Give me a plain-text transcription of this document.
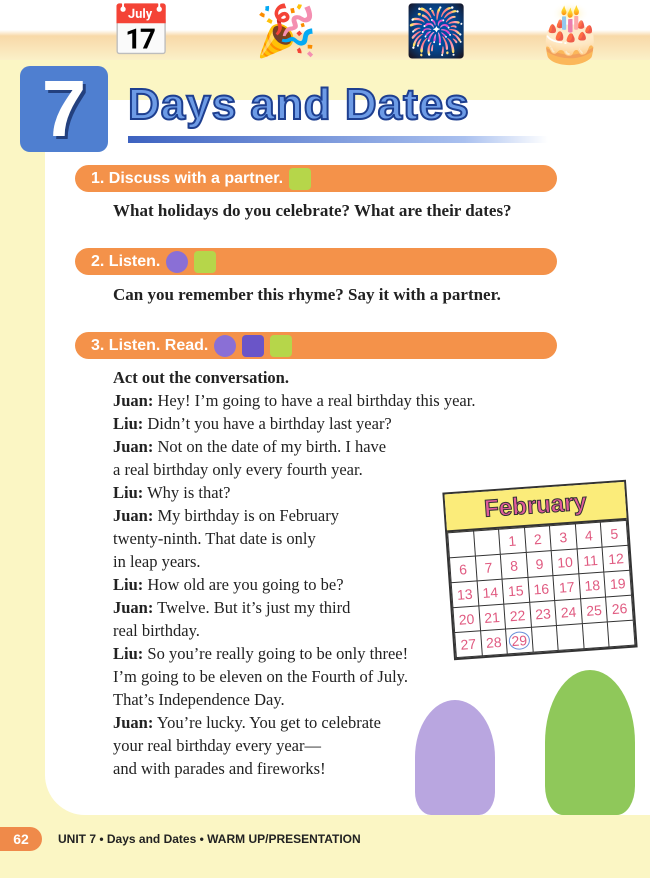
📅 🎉 🎆 🎂
7 Days and Dates
1. Discuss with a partner.
What holidays do you celebrate? What are their dates?
2. Listen.
Can you remember this rhyme? Say it with a partner.
3. Listen. Read.
Act out the conversation.
Juan: Hey! I’m going to have a real birthday this year.
Liu: Didn’t you have a birthday last year?
Juan: Not on the date of my birth. I have
a real birthday only every fourth year.
Liu: Why is that?
Juan: My birthday is on February
twenty-ninth. That date is only
in leap years.
Liu: How old are you going to be?
Juan: Twelve. But it’s just my third
real birthday.
Liu: So you’re really going to be only three!
I’m going to be eleven on the Fourth of July.
That’s Independence Day.
Juan: You’re lucky. You get to celebrate
your real birthday every year—
and with parades and fireworks!
February
		1	2	3	4	5
6	7	8	9	10	11	12
13	14	15	16	17	18	19
20	21	22	23	24	25	26
27	28	29				
62	UNIT 7 • Days and Dates • WARM UP/PRESENTATION
